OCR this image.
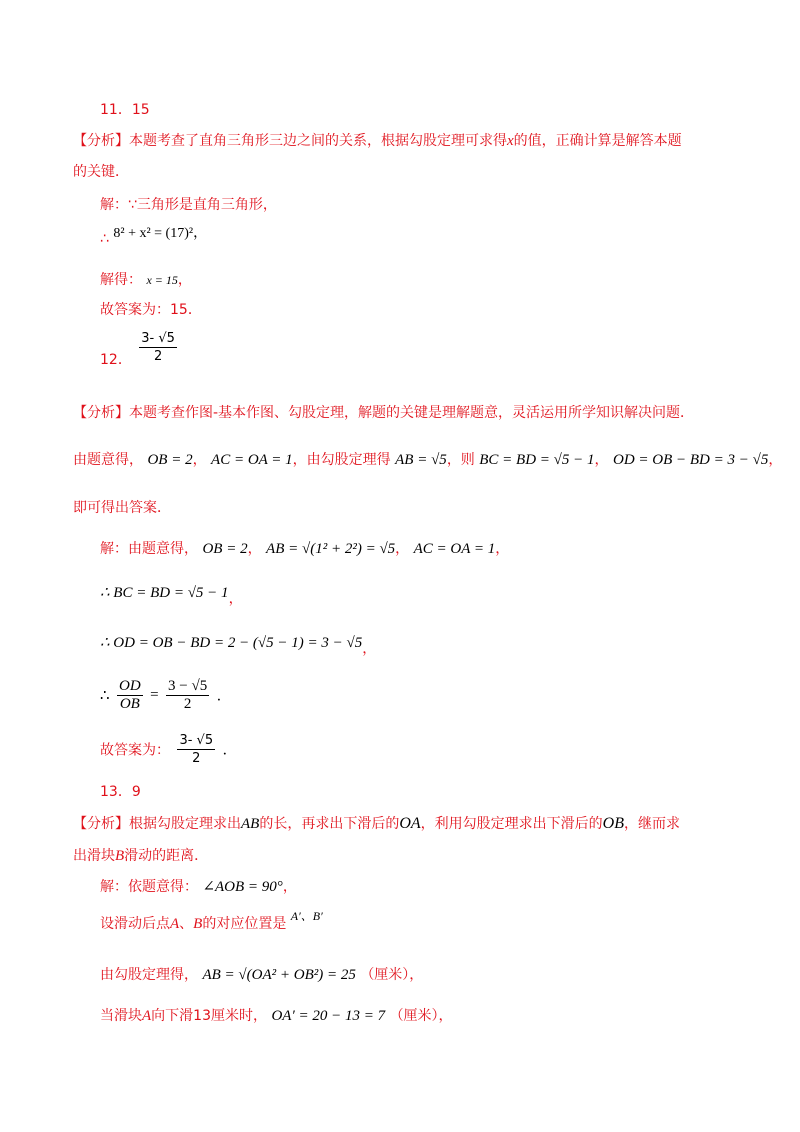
11．15
【分析】本题考查了直角三角形三边之间的关系，根据勾股定理可求得x的值，正确计算是解答本题
的关键．
解：∵三角形是直角三角形，
∴ 8² + x² = (17)²，
解得： x = 15，
故答案为：15．
12． $\frac{3- √5}{2}$
【分析】本题考查作图-基本作图、勾股定理，解题的关键是理解题意，灵活运用所学知识解决问题．
由题意得， OB = 2， AC = OA = 1，由勾股定理得 AB = √5，则 BC = BD = √5 − 1， OD = OB − BD = 3 − √5，
即可得出答案．
解：由题意得， OB = 2， AB = √(1² + 2²) = √5， AC = OA = 1，
∴ BC = BD = √5 − 1，
∴ OD = OB − BD = 2 − (√5 − 1) = 3 − √5，
∴ $\frac{OD}{OB} = \frac{3 - √5}{2}$ ．
故答案为： $\frac{3- √5}{2}$ ．
13．9
【分析】根据勾股定理求出AB的长，再求出下滑后的OA，利用勾股定理求出下滑后的OB，继而求
出滑块B滑动的距离．
解：依题意得： ∠AOB = 90°，
设滑动后点A、B的对应位置是 A′、B′
由勾股定理得， AB = √(OA² + OB²) = 25 （厘米），
当滑块A向下滑13厘米时， OA′ = 20 − 13 = 7 （厘米），
